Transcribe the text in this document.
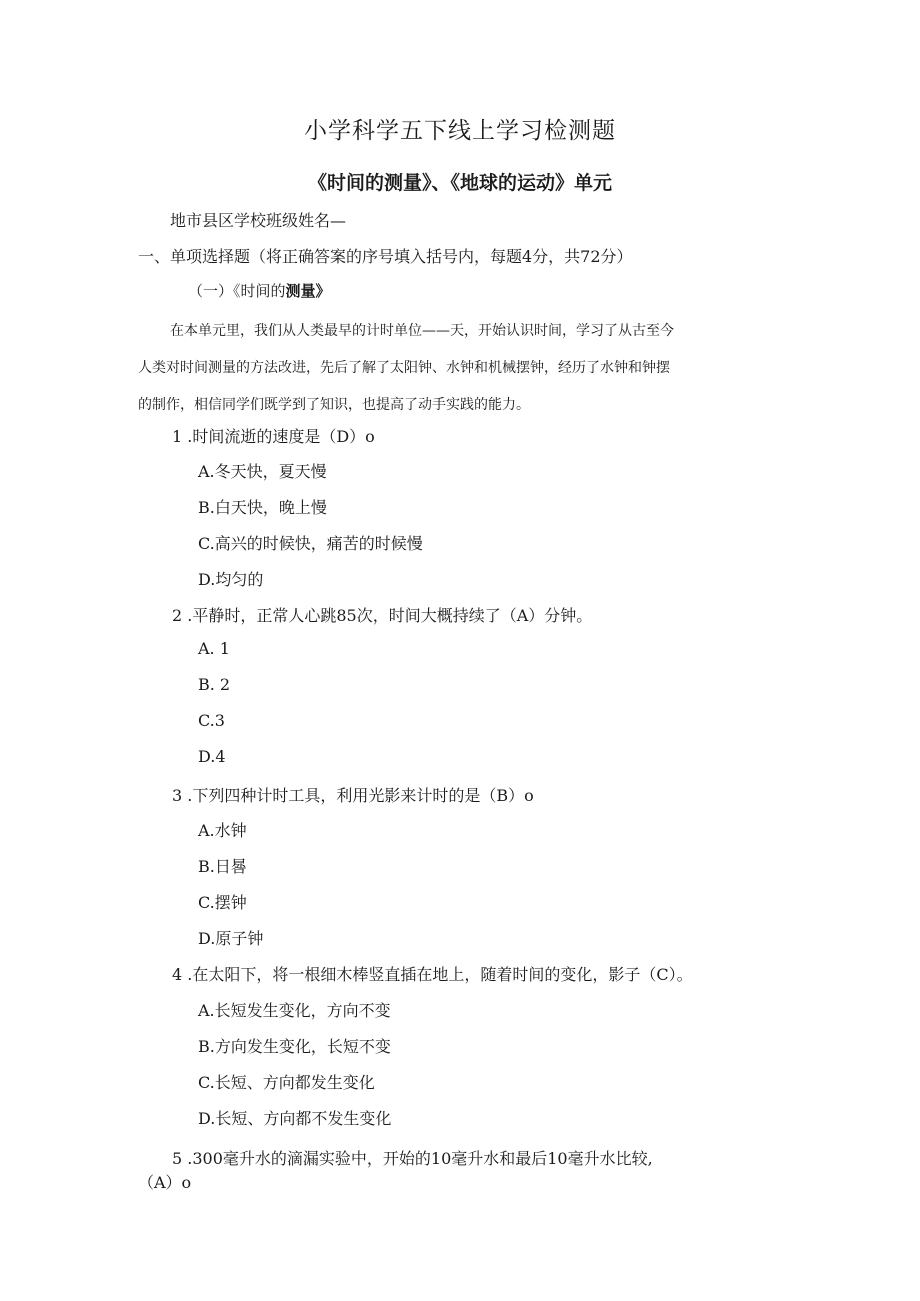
小学科学五下线上学习检测题
《时间的测量》、《地球的运动》单元
地市县区学校班级姓名—
一、单项选择题（将正确答案的序号填入括号内，每题4分，共72分）
（一）《时间的测量》
在本单元里，我们从人类最早的计时单位——天，开始认识时间，学习了从古至今
人类对时间测量的方法改进，先后了解了太阳钟、水钟和机械摆钟，经历了水钟和钟摆
的制作，相信同学们既学到了知识，也提高了动手实践的能力。
1 .时间流逝的速度是（D）o
A.冬天快，夏天慢
B.白天快，晚上慢
C.高兴的时候快，痛苦的时候慢
D.均匀的
2 .平静时，正常人心跳85次，时间大概持续了（A）分钟。
A. 1
B. 2
C.3
D.4
3 .下列四种计时工具，利用光影来计时的是（B）o
A.水钟
B.日晷
C.摆钟
D.原子钟
4 .在太阳下，将一根细木棒竖直插在地上，随着时间的变化，影子（C）。
A.长短发生变化，方向不变
B.方向发生变化，长短不变
C.长短、方向都发生变化
D.长短、方向都不发生变化
5 .300毫升水的滴漏实验中，开始的10毫升水和最后10毫升水比较,
（A）o
